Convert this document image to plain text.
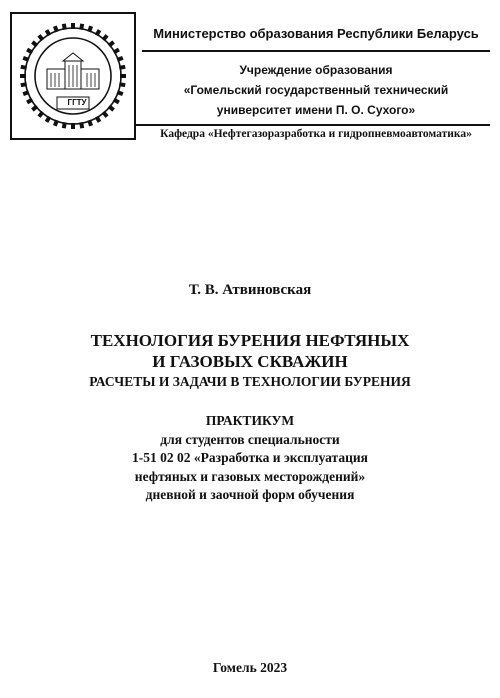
ГГТУ
Министерство образования Республики Беларусь
Учреждение образования
«Гомельский государственный технический
университет имени П. О. Сухого»
Кафедра «Нефтегазоразработка и гидропневмоавтоматика»
Т. В. Атвиновская
ТЕХНОЛОГИЯ БУРЕНИЯ НЕФТЯНЫХ
И ГАЗОВЫХ СКВАЖИН
РАСЧЕТЫ И ЗАДАЧИ В ТЕХНОЛОГИИ БУРЕНИЯ
ПРАКТИКУМ
для студентов специальности
1-51 02 02 «Разработка и эксплуатация
нефтяных и газовых месторождений»
дневной и заочной форм обучения
Гомель 2023
